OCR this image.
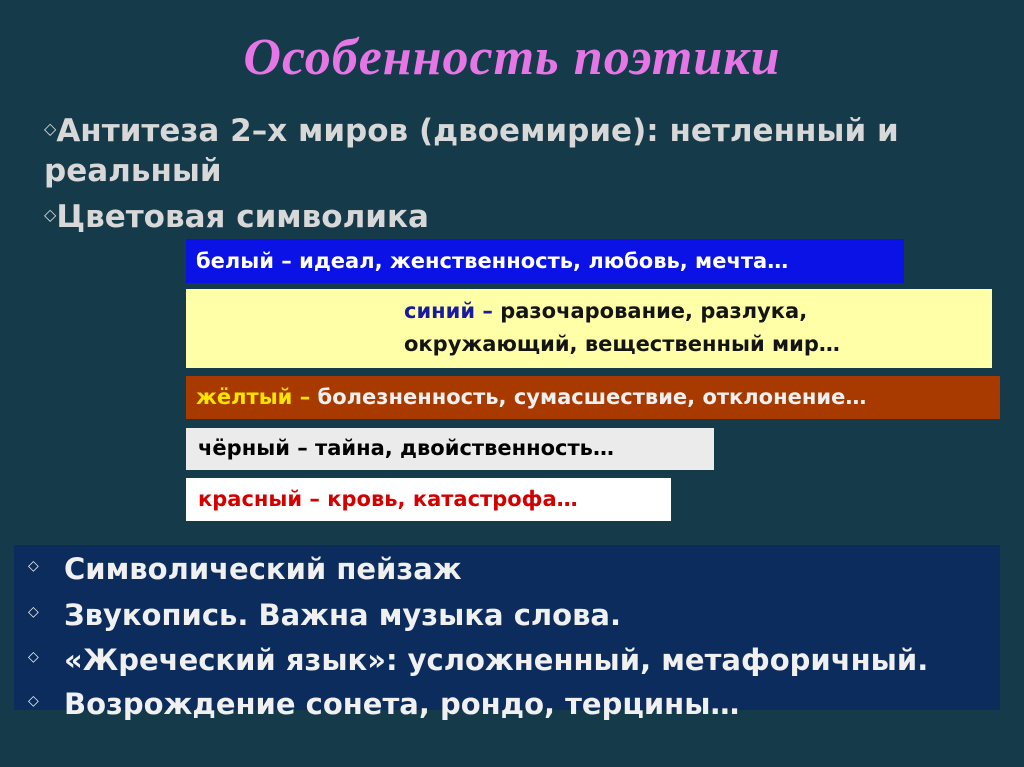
Особенность поэтики
◇Антитеза 2–х миров (двоемирие): нетленный и
реальный
◇Цветовая символика
белый – идеал, женственность, любовь, мечта…
синий – разочарование, разлука,
окружающий, вещественный мир…
жёлтый – болезненность, сумасшествие, отклонение…
чёрный – тайна, двойственность…
красный – кровь, катастрофа…
◇ Символический пейзаж
◇ Звукопись. Важна музыка слова.
◇ «Жреческий язык»: усложненный, метафоричный.
◇ Возрождение сонета, рондо, терцины…
